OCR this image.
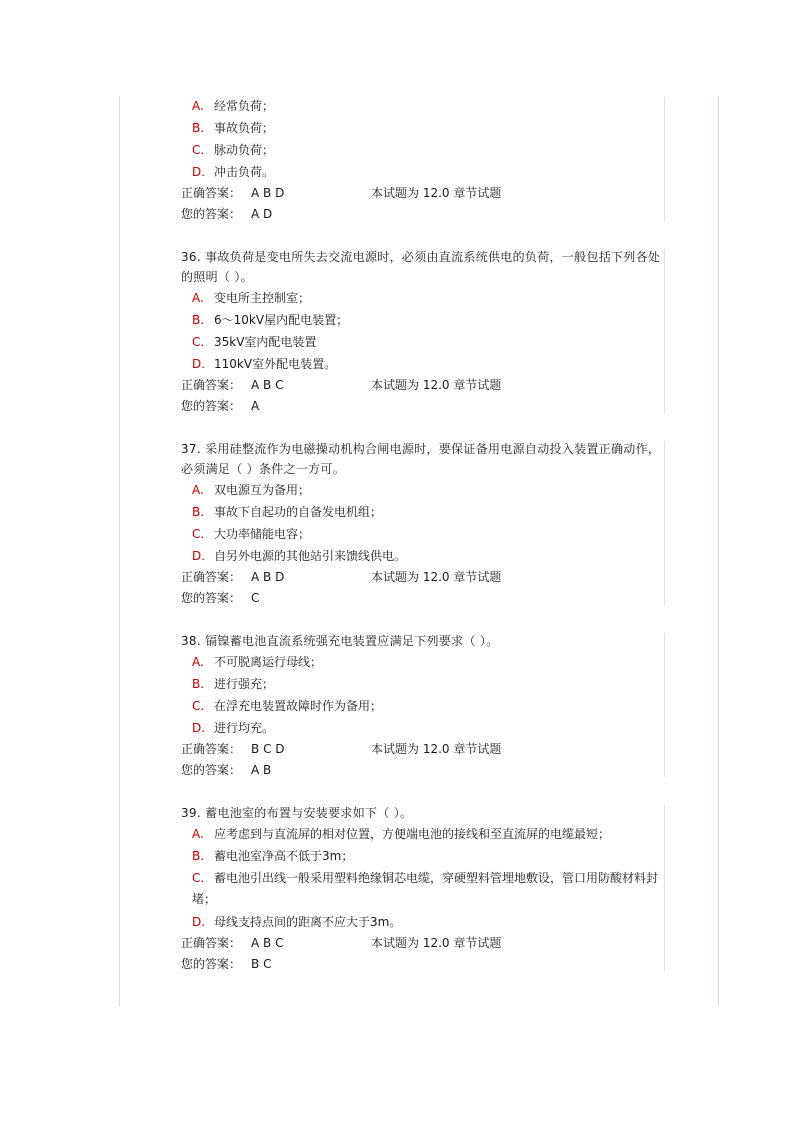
A. 经常负荷；
B. 事故负荷；
C. 脉动负荷；
D. 冲击负荷。
正确答案： A B D	本试题为 12.0 章节试题
您的答案： A D

36. 事故负荷是变电所失去交流电源时，必须由直流系统供电的负荷，一般包括下列各处的照明（ ）。

A. 变电所主控制室；
B. 6～10kV屋内配电装置；
C. 35kV室内配电装置
D. 110kV室外配电装置。
正确答案： A B C	本试题为 12.0 章节试题
您的答案： A

37. 采用硅整流作为电磁操动机构合闸电源时，要保证备用电源自动投入装置正确动作，必须满足（ ）条件之一方可。

A. 双电源互为备用；
B. 事故下自起功的自备发电机组；
C. 大功率储能电容；
D. 自另外电源的其他站引来馈线供电。
正确答案： A B D	本试题为 12.0 章节试题
您的答案： C

38. 镉镍蓄电池直流系统强充电装置应满足下列要求（ ）。

A. 不可脱离运行母线；
B. 进行强充；
C. 在浮充电装置故障时作为备用；
D. 进行均充。
正确答案： B C D	本试题为 12.0 章节试题
您的答案： A B

39. 蓄电池室的布置与安装要求如下（ ）。

A. 应考虑到与直流屏的相对位置，方便端电池的接线和至直流屏的电缆最短；
B. 蓄电池室净高不低于3m；
C. 蓄电池引出线一般采用塑料绝缘铜芯电缆，穿硬塑料管埋地敷设，管口用防酸材料封堵；
D. 母线支持点间的距离不应大于3m。
正确答案： A B C	本试题为 12.0 章节试题
您的答案： B C
